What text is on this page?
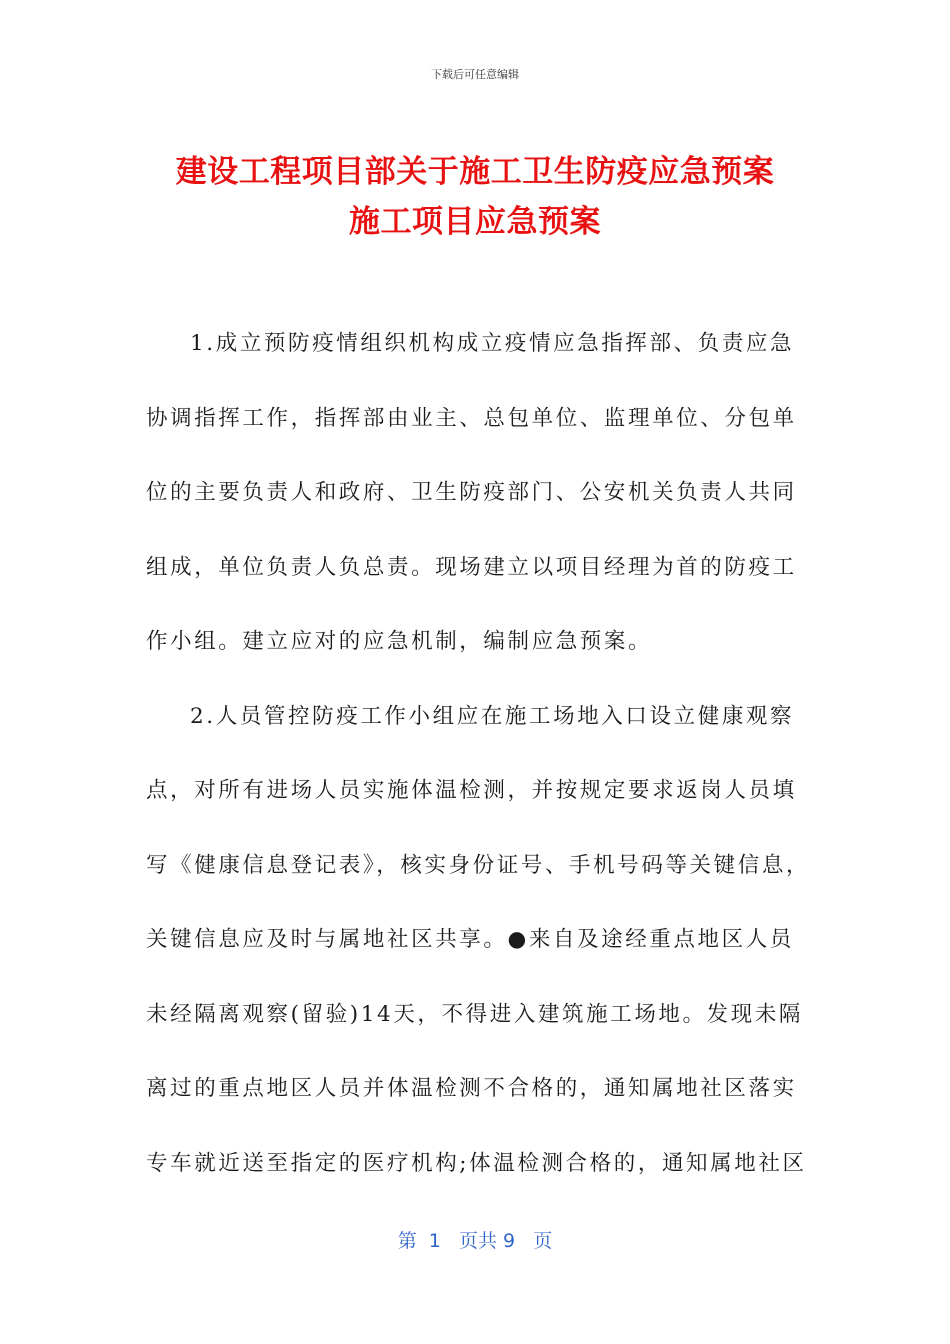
下载后可任意编辑
建设工程项目部关于施工卫生防疫应急预案
施工项目应急预案
1.成立预防疫情组织机构成立疫情应急指挥部、负责应急
协调指挥工作，指挥部由业主、总包单位、监理单位、分包单
位的主要负责人和政府、卫生防疫部门、公安机关负责人共同
组成，单位负责人负总责。现场建立以项目经理为首的防疫工
作小组。建立应对的应急机制，编制应急预案。
2.人员管控防疫工作小组应在施工场地入口设立健康观察
点，对所有进场人员实施体温检测，并按规定要求返岗人员填
写《健康信息登记表》，核实身份证号、手机号码等关键信息，
关键信息应及时与属地社区共享。●来自及途经重点地区人员
未经隔离观察(留验)14天，不得进入建筑施工场地。发现未隔
离过的重点地区人员并体温检测不合格的，通知属地社区落实
专车就近送至指定的医疗机构;体温检测合格的，通知属地社区
第  1   页共 9   页
